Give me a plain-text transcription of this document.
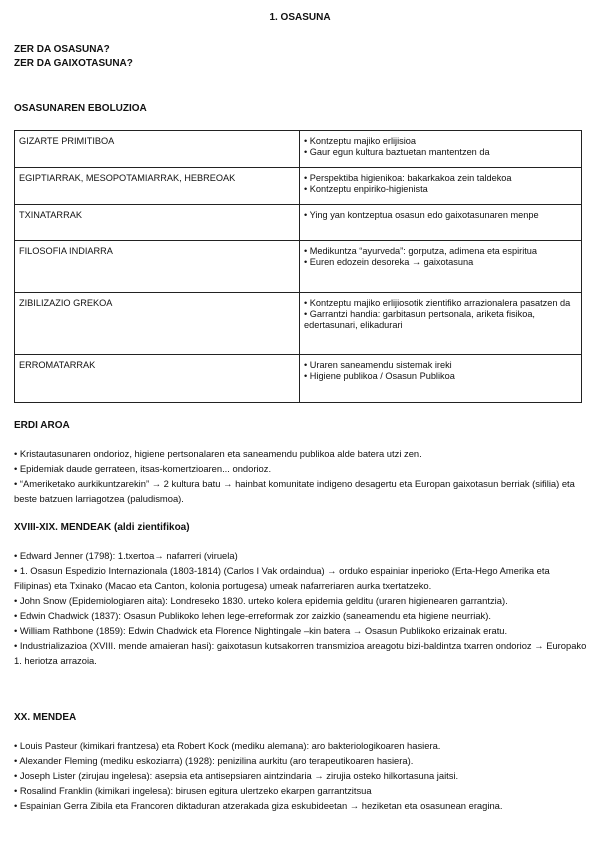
1. OSASUNA
ZER DA OSASUNA?
ZER DA GAIXOTASUNA?
OSASUNAREN EBOLUZIOA
GIZARTE PRIMITIBOA	• Kontzeptu majiko erlijisioa
• Gaur egun kultura baztuetan mantentzen da

EGIPTIARRAK, MESOPOTAMIARRAK, HEBREOAK	• Perspektiba higienikoa: bakarkakoa zein taldekoa
• Kontzeptu enpiriko-higienista

TXINATARRAK	• Ying yan kontzeptua osasun edo gaixotasunaren menpe

FILOSOFIA INDIARRA	• Medikuntza “ayurveda”: gorputza, adimena eta espiritua
• Euren edozein desoreka → gaixotasuna

ZIBILIZAZIO GREKOA	• Kontzeptu majiko erlijiosotik zientifiko arrazionalera pasatzen da
• Garrantzi handia: garbitasun pertsonala, ariketa fisikoa, edertasunari, elikadurari

ERROMATARRAK	• Uraren saneamendu sistemak ireki
• Higiene publikoa / Osasun Publikoa
ERDI AROA
• Kristautasunaren ondorioz, higiene pertsonalaren eta saneamendu publikoa alde batera utzi zen.
• Epidemiak daude gerrateen, itsas-komertzioaren... ondorioz.
• “Ameriketako aurkikuntzarekin” → 2 kultura batu → hainbat komunitate indigeno desagertu eta Europan gaixotasun berriak (sifilia) eta beste batzuen larriagotzea (paludismoa).
XVIII-XIX. MENDEAK (aldi zientifikoa)
• Edward Jenner (1798): 1.txertoa→ nafarreri (viruela)
• 1. Osasun Espedizio Internazionala (1803-1814) (Carlos I Vak ordaindua) → orduko espainiar inperioko (Erta-Hego Amerika eta Filipinas) eta Txinako (Macao eta Canton, kolonia portugesa) umeak nafarreriaren aurka txertatzeko.
• John Snow (Epidemiologiaren aita): Londreseko 1830. urteko kolera epidemia gelditu (uraren higienearen garrantzia).
• Edwin Chadwick (1837): Osasun Publikoko lehen lege-erreformak zor zaizkio (saneamendu eta higiene neurriak).
• William Rathbone (1859): Edwin Chadwick eta Florence Nightingale –kin batera → Osasun Publikoko erizainak eratu.
• Industrializazioa (XVIII. mende amaieran hasi): gaixotasun kutsakorren transmizioa areagotu bizi-baldintza txarren ondorioz → Europako 1. heriotza arrazoia.
XX. MENDEA
• Louis Pasteur (kimikari frantzesa) eta Robert Kock (mediku alemana): aro bakteriologikoaren hasiera.
• Alexander Fleming (mediku eskoziarra) (1928): penizilina aurkitu (aro terapeutikoaren hasiera).
• Joseph Lister (zirujau ingelesa): asepsia eta antisepsiaren aintzindaria → zirujia osteko hilkortasuna jaitsi.
• Rosalind Franklin (kimikari ingelesa): birusen egitura ulertzeko ekarpen garrantzitsua
• Espainian Gerra Zibila eta Francoren diktaduran atzerakada giza eskubideetan → heziketan eta osasunean eragina.
